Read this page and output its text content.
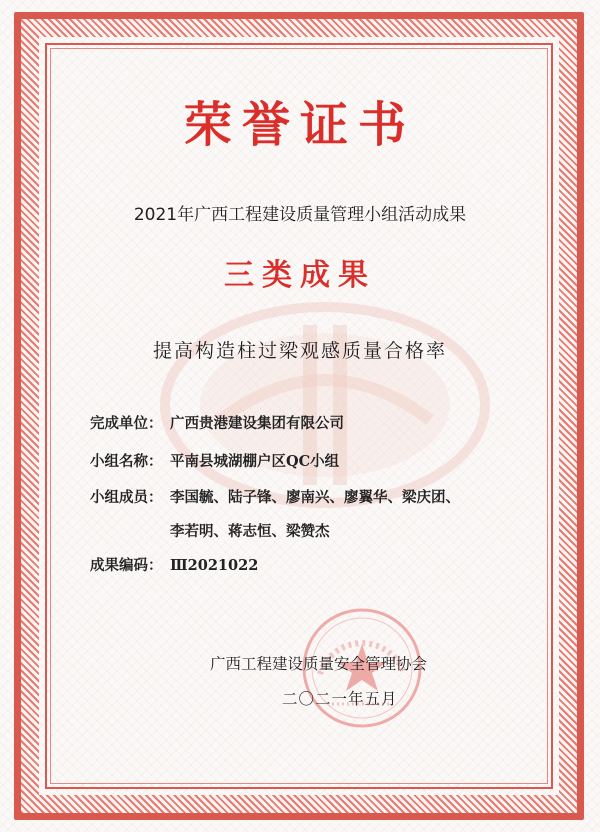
荣誉证书
2021年广西工程建设质量管理小组活动成果
三类成果
提高构造柱过梁观感质量合格率
完成单位： 广西贵港建设集团有限公司
小组名称： 平南县城湖棚户区QC小组
小组成员： 李国毓、陆子锋、廖南兴、廖翼华、梁庆团、
李若明、蒋志恒、梁赞杰
成果编码： Ⅲ2021022
广西工程建设质量安全管理协会
二〇二一年五月
